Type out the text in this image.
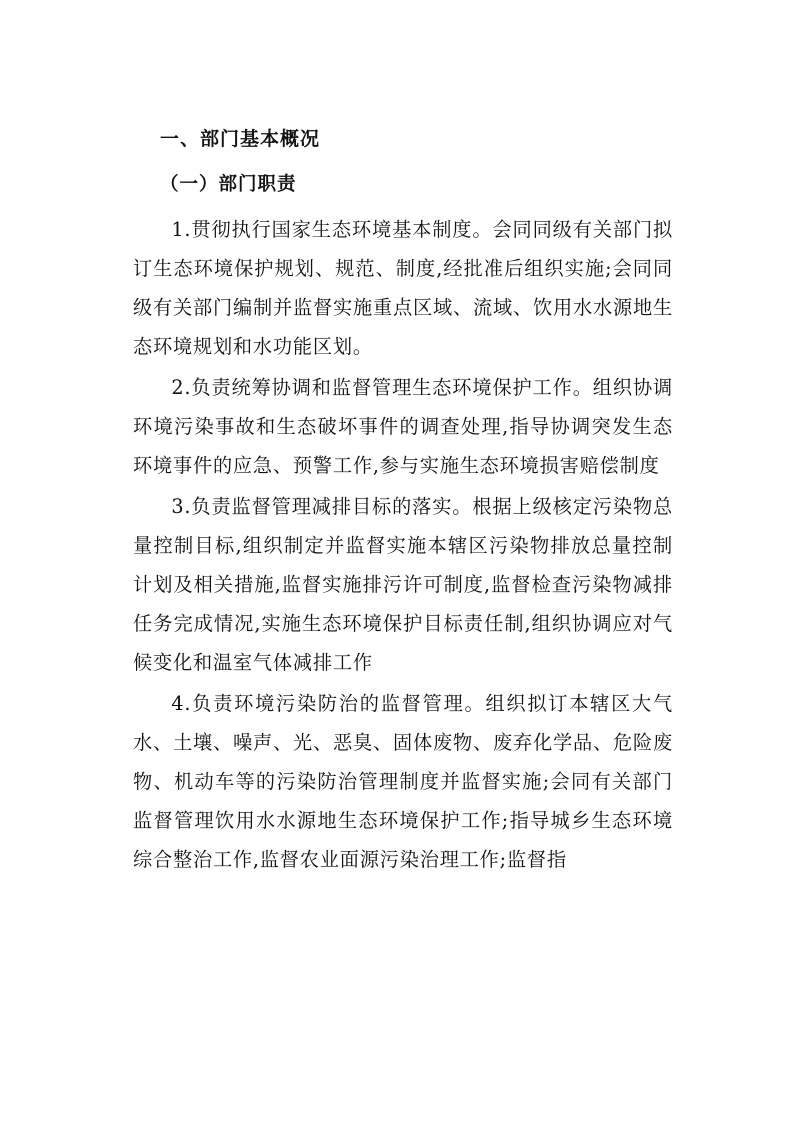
一、部门基本概况
（一）部门职责

1.贯彻执行国家生态环境基本制度。会同同级有关部门拟订生态环境保护规划、规范、制度,经批准后组织实施;会同同级有关部门编制并监督实施重点区域、流域、饮用水水源地生态环境规划和水功能区划。

2.负责统筹协调和监督管理生态环境保护工作。组织协调环境污染事故和生态破坏事件的调查处理,指导协调突发生态环境事件的应急、预警工作,参与实施生态环境损害赔偿制度

3.负责监督管理减排目标的落实。根据上级核定污染物总量控制目标,组织制定并监督实施本辖区污染物排放总量控制计划及相关措施,监督实施排污许可制度,监督检查污染物减排任务完成情况,实施生态环境保护目标责任制,组织协调应对气候变化和温室气体减排工作

4.负责环境污染防治的监督管理。组织拟订本辖区大气水、土壤、噪声、光、恶臭、固体废物、废弃化学品、危险废物、机动车等的污染防治管理制度并监督实施;会同有关部门监督管理饮用水水源地生态环境保护工作;指导城乡生态环境综合整治工作,监督农业面源污染治理工作;监督指
